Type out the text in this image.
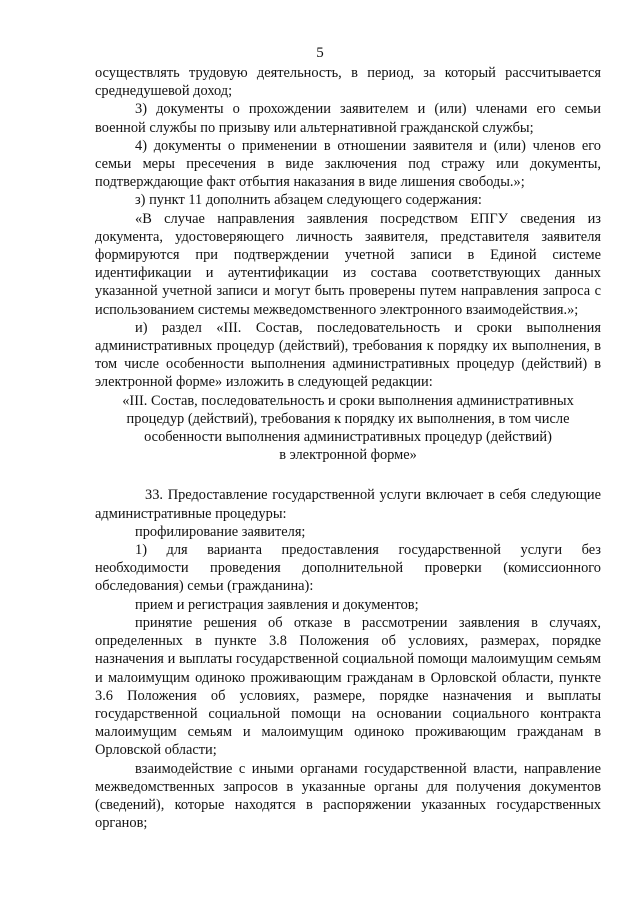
5

осуществлять трудовую деятельность, в период, за который рассчитывается среднедушевой доход;

3) документы о прохождении заявителем и (или) членами его семьи военной службы по призыву или альтернативной гражданской службы;

4) документы о применении в отношении заявителя и (или) членов его семьи меры пресечения в виде заключения под стражу или документы, подтверждающие факт отбытия наказания в виде лишения свободы.»;

з) пункт 11 дополнить абзацем следующего содержания:

«В случае направления заявления посредством ЕПГУ сведения из документа, удостоверяющего личность заявителя, представителя заявителя формируются при подтверждении учетной записи в Единой системе идентификации и аутентификации из состава соответствующих данных указанной учетной записи и могут быть проверены путем направления запроса с использованием системы межведомственного электронного взаимодействия.»;

и) раздел «III. Состав, последовательность и сроки выполнения административных процедур (действий), требования к порядку их выполнения, в том числе особенности выполнения административных процедур (действий) в электронной форме» изложить в следующей редакции:

«III. Состав, последовательность и сроки выполнения административных

процедур (действий), требования к порядку их выполнения, в том числе

особенности выполнения административных процедур (действий)

в электронной форме»

33. Предоставление государственной услуги включает в себя следующие административные процедуры:

профилирование заявителя;

1) для варианта предоставления государственной услуги без необходимости проведения дополнительной проверки (комиссионного обследования) семьи (гражданина):

прием и регистрация заявления и документов;

принятие решения об отказе в рассмотрении заявления в случаях, определенных в пункте 3.8 Положения об условиях, размерах, порядке назначения и выплаты государственной социальной помощи малоимущим семьям и малоимущим одиноко проживающим гражданам в Орловской области, пункте 3.6 Положения об условиях, размере, порядке назначения и выплаты государственной социальной помощи на основании социального контракта малоимущим семьям и малоимущим одиноко проживающим гражданам в Орловской области;

взаимодействие с иными органами государственной власти, направление межведомственных запросов в указанные органы для получения документов (сведений), которые находятся в распоряжении указанных государственных органов;
